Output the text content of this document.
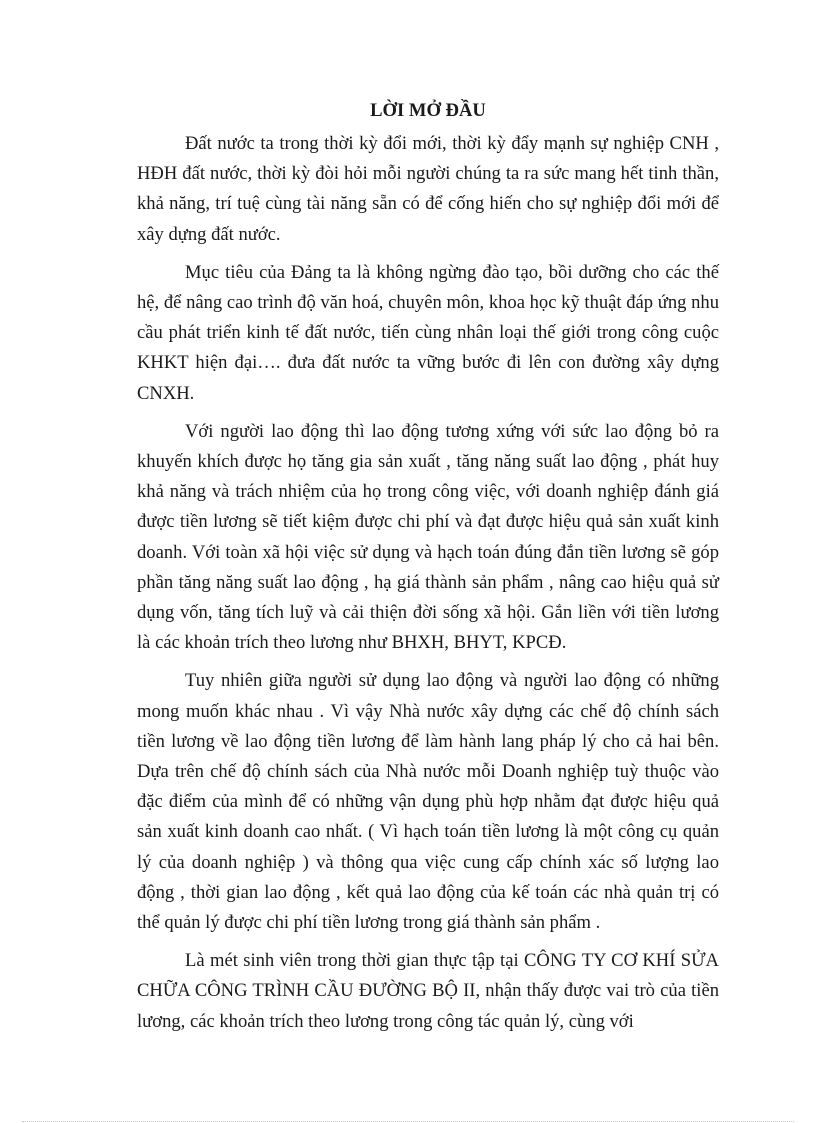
LỜI MỞ ĐẦU

Đất nước ta trong thời kỳ đổi mới, thời kỳ đẩy mạnh sự nghiệp CNH , HĐH đất nước, thời kỳ đòi hỏi mỗi người chúng ta ra sức mang hết tinh thần, khả năng, trí tuệ cùng tài năng sẵn có để cống hiến cho sự nghiệp đổi mới để xây dựng đất nước.

Mục tiêu của Đảng ta là không ngừng đào tạo, bồi dưỡng cho các thế hệ, để nâng cao trình độ văn hoá, chuyên môn, khoa học kỹ thuật đáp ứng nhu cầu phát triển kinh tế đất nước, tiến cùng nhân loại thế giới trong công cuộc KHKT hiện đại…. đưa đất nước ta vững bước đi lên con đường xây dựng CNXH.

Với người lao động thì lao động tương xứng với sức lao động bỏ ra khuyến khích được họ tăng gia sản xuất , tăng năng suất lao động , phát huy khả năng và trách nhiệm của họ trong công việc, với doanh nghiệp đánh giá được tiền lương sẽ tiết kiệm được chi phí và đạt được hiệu quả sản xuất kinh doanh. Với toàn xã hội việc sử dụng và hạch toán đúng đắn tiền lương sẽ góp phần tăng năng suất lao động , hạ giá thành sản phẩm , nâng cao hiệu quả sử dụng vốn, tăng tích luỹ và cải thiện đời sống xã hội. Gắn liền với tiền lương là các khoản trích theo lương như BHXH, BHYT, KPCĐ.

Tuy nhiên giữa người sử dụng lao động và người lao động có những mong muốn khác nhau . Vì vậy Nhà nước xây dựng các chế độ chính sách tiền lương về lao động tiền lương để làm hành lang pháp lý cho cả hai bên. Dựa trên chế độ chính sách của Nhà nước mỗi Doanh nghiệp tuỳ thuộc vào đặc điểm của mình để có những vận dụng phù hợp nhằm đạt được hiệu quả sản xuất kinh doanh cao nhất. ( Vì hạch toán tiền lương là một công cụ quản lý của doanh nghiệp ) và thông qua việc cung cấp chính xác số lượng lao động , thời gian lao động , kết quả lao động của kế toán các nhà quản trị có thể quản lý được chi phí tiền lương trong giá thành sản phẩm .

Là mét sinh viên trong thời gian thực tập tại CÔNG TY CƠ KHÍ SỬA CHỮA CÔNG TRÌNH CẦU ĐƯỜNG BỘ II, nhận thấy được vai trò của tiền lương, các khoản trích theo lương trong công tác quản lý, cùng với
